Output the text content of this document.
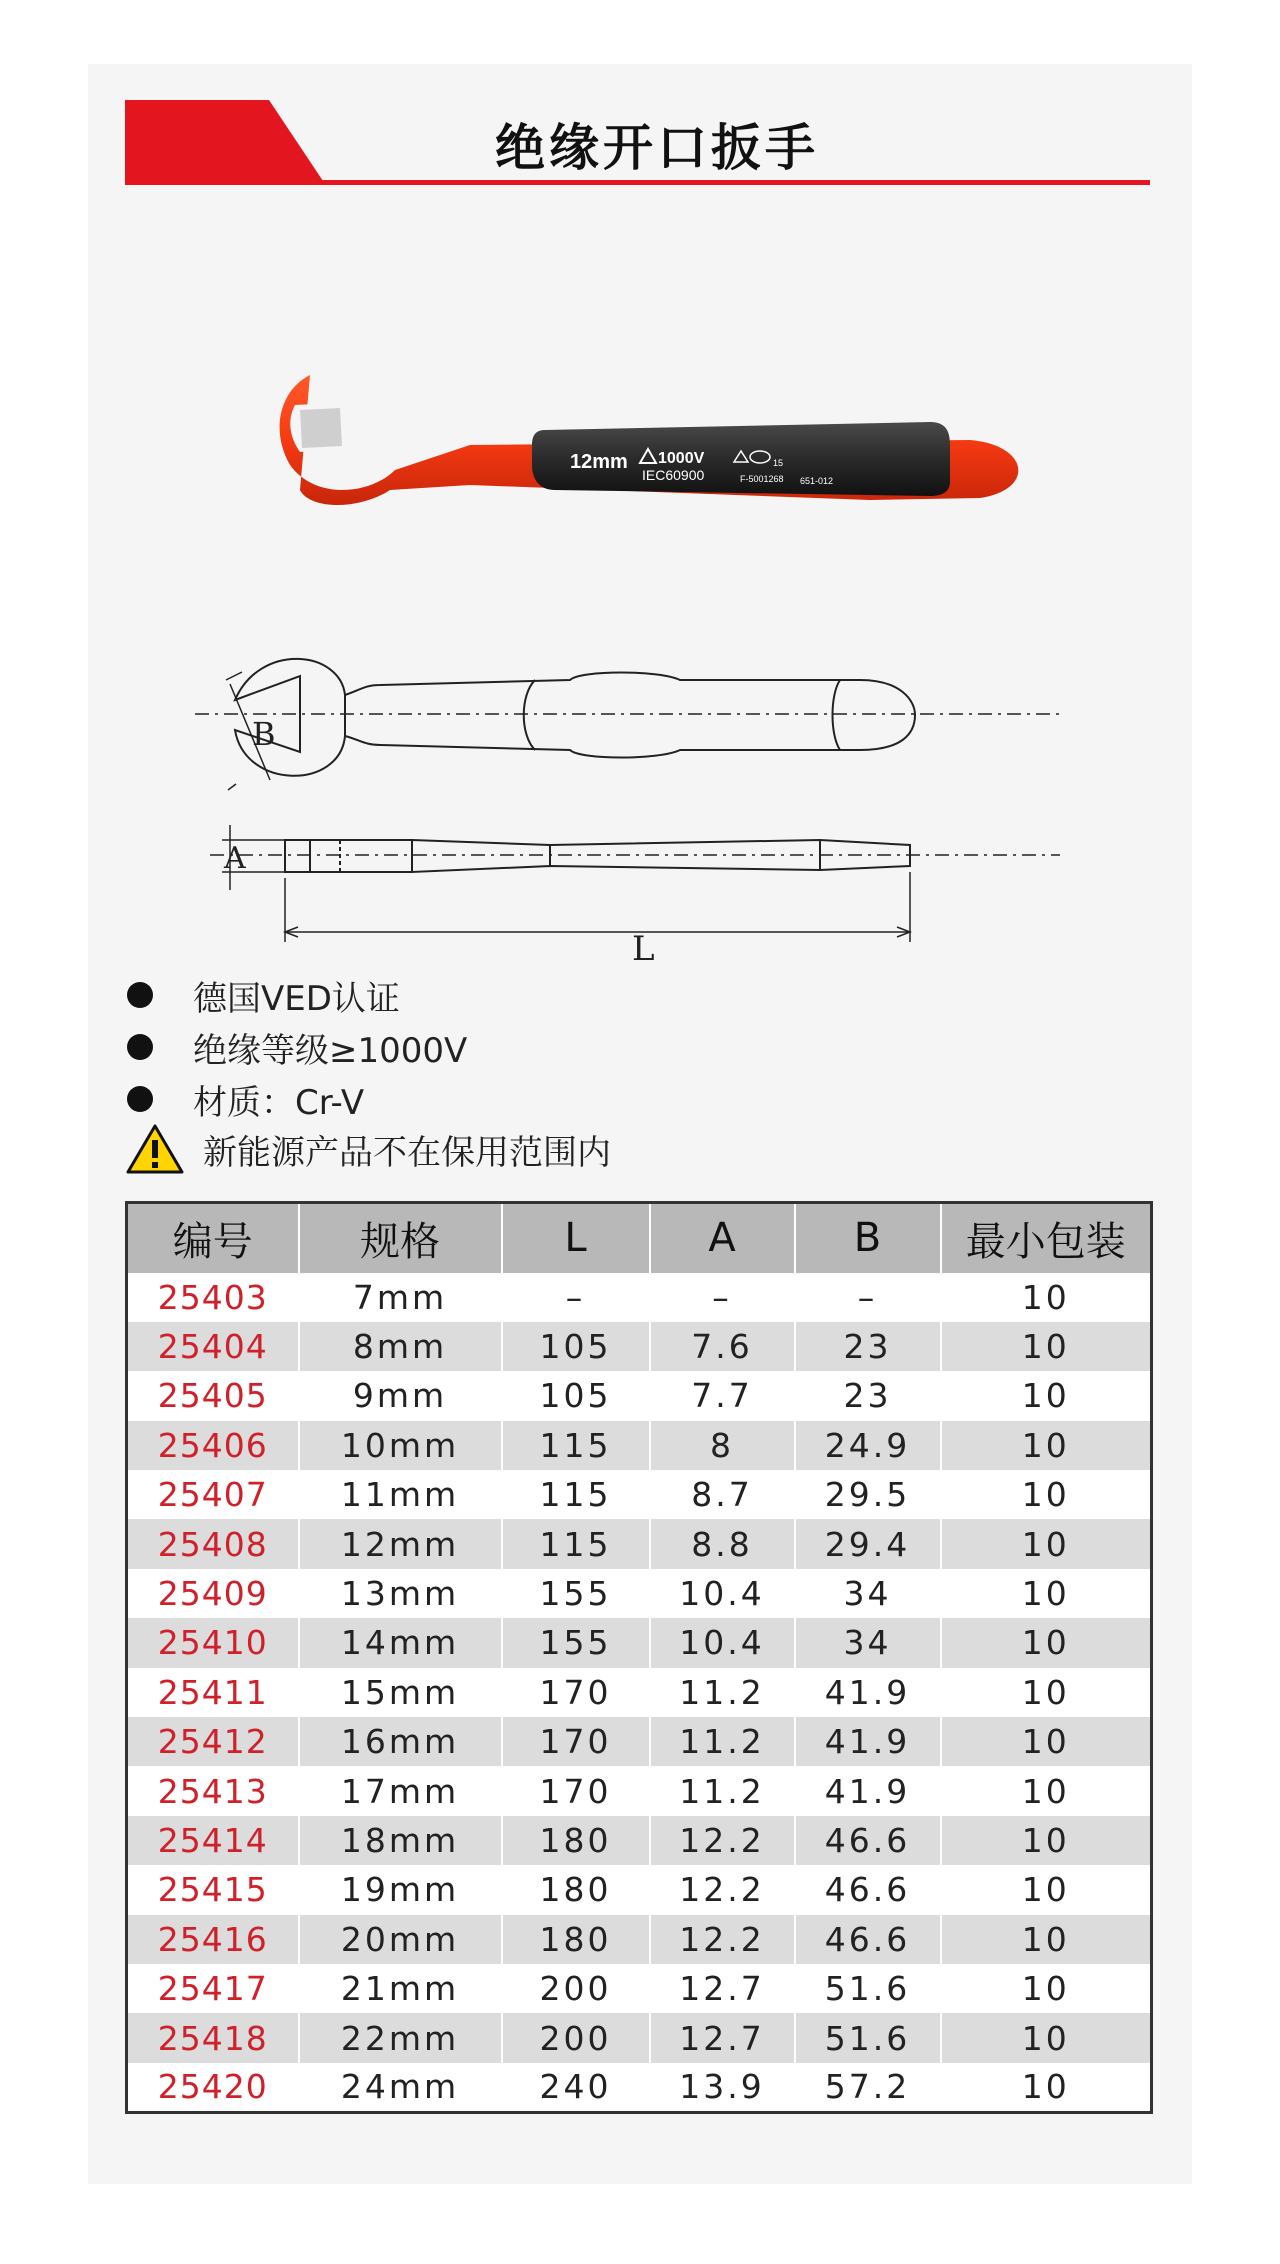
绝缘开口扳手
12mm 1000V
IEC60900
15
F-5001268 651-012
B
A
L
德国VED认证
绝缘等级≥1000V
材质：Cr-V
新能源产品不在保用范围内
编号	规格	L	A	B	最小包装
25403	7mm	–	–	–	10
25404	8mm	105	7.6	23	10
25405	9mm	105	7.7	23	10
25406	10mm	115	8	24.9	10
25407	11mm	115	8.7	29.5	10
25408	12mm	115	8.8	29.4	10
25409	13mm	155	10.4	34	10
25410	14mm	155	10.4	34	10
25411	15mm	170	11.2	41.9	10
25412	16mm	170	11.2	41.9	10
25413	17mm	170	11.2	41.9	10
25414	18mm	180	12.2	46.6	10
25415	19mm	180	12.2	46.6	10
25416	20mm	180	12.2	46.6	10
25417	21mm	200	12.7	51.6	10
25418	22mm	200	12.7	51.6	10
25420	24mm	240	13.9	57.2	10
